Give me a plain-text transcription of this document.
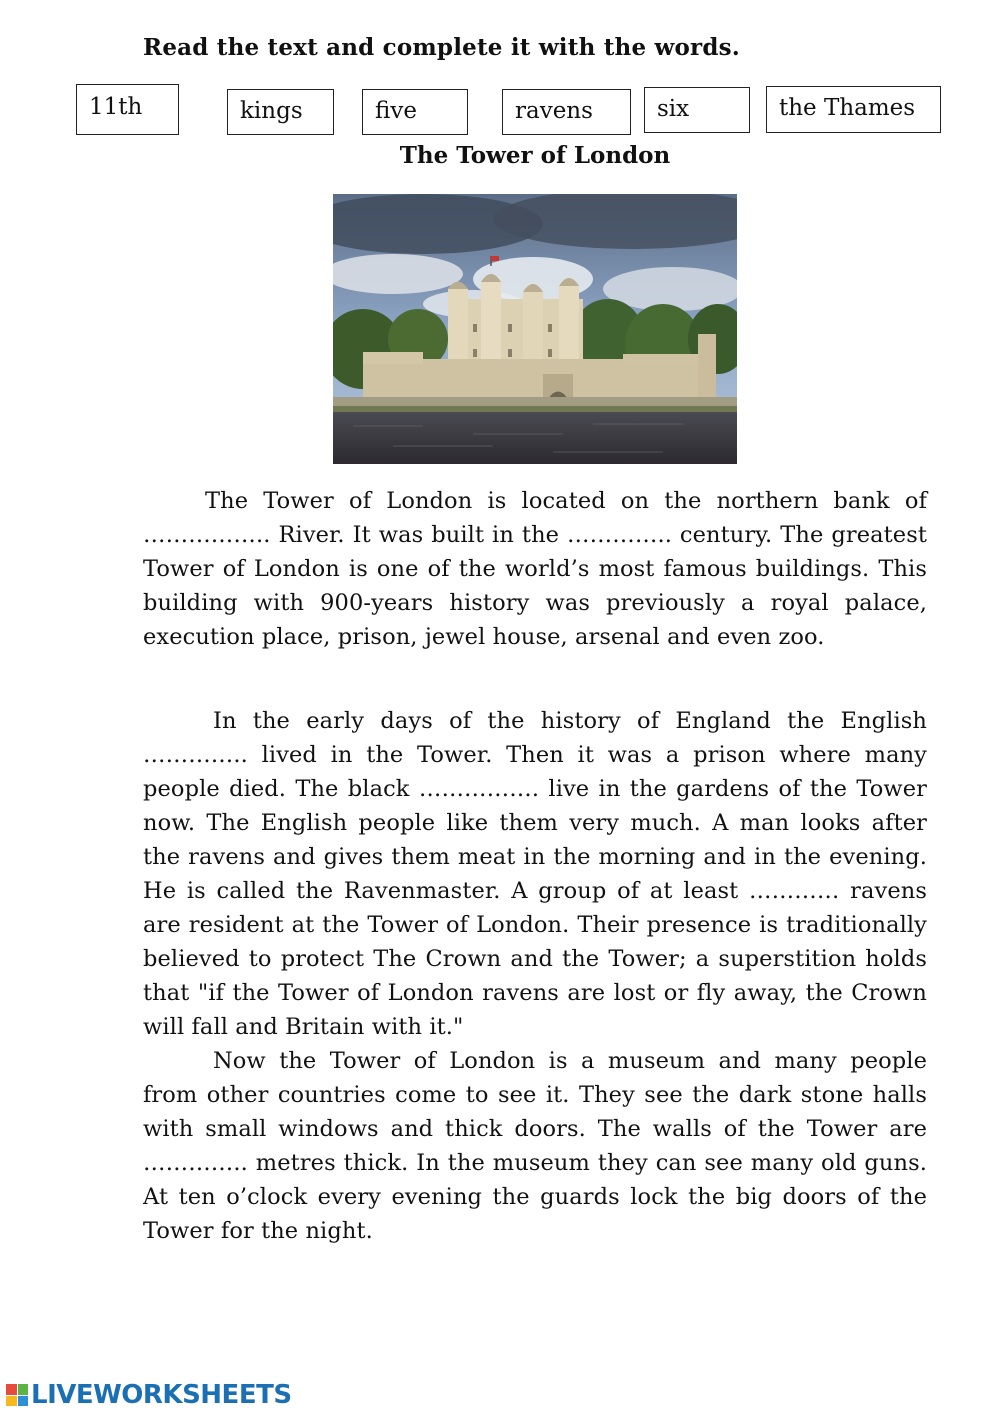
Read the text and complete it with the words.
11th	kings	five	ravens	six	the Thames
The Tower of London

The Tower of London is located on the northern bank of …………….. River. It was built in the ………….. century. The greatest Tower of London is one of the world’s most famous buildings. This building with 900-years history was previously a royal palace, execution place, prison, jewel house, arsenal and even zoo.

In the early days of the history of England the English ………….. lived in the Tower. Then it was a prison where many people died. The black ……………. live in the gardens of the Tower now. The English people like them very much. A man looks after the ravens and gives them meat in the morning and in the evening. He is called the Ravenmaster. A group of at least ………… ravens are resident at the Tower of London. Their presence is traditionally believed to protect The Crown and the Tower; a superstition holds that "if the Tower of London ravens are lost or fly away, the Crown will fall and Britain with it."

Now the Tower of London is a museum and many people from other countries come to see it. They see the dark stone halls with small windows and thick doors. The walls of the Tower are ………….. metres thick. In the museum they can see many old guns. At ten o’clock every evening the guards lock the big doors of the Tower for the night.

LIVEWORKSHEETS
